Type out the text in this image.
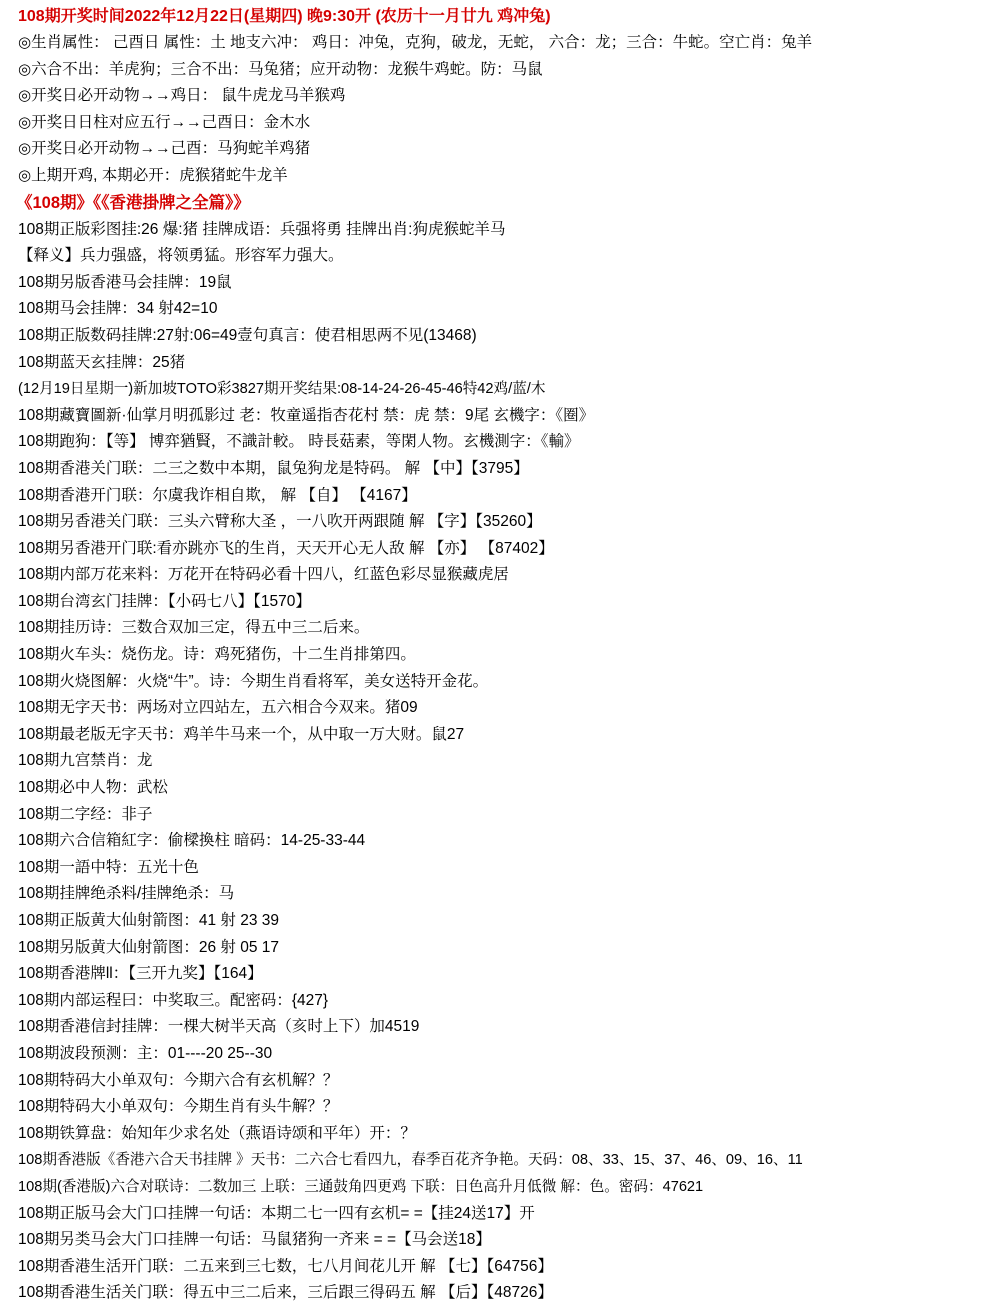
108期开奖时间2022年12月22日(星期四) 晚9:30开 (农历十一月廿九 鸡冲兔)
◎生肖属性： 己酉日 属性：土 地支六冲： 鸡日：冲兔，克狗，破龙，无蛇， 六合：龙；三合：牛蛇。空亡肖：兔羊
◎六合不出：羊虎狗；三合不出：马兔猪；应开动物：龙猴牛鸡蛇。防：马鼠
◎开奖日必开动物→→鸡日： 鼠牛虎龙马羊猴鸡
◎开奖日日柱对应五行→→己酉日：金木水
◎开奖日必开动物→→己酉：马狗蛇羊鸡猪
◎上期开鸡, 本期必开：虎猴猪蛇牛龙羊
《108期》《《香港掛牌之全篇》》
108期正版彩图挂:26 爆:猪 挂牌成语：兵强将勇 挂牌出肖:狗虎猴蛇羊马
【释义】兵力强盛，将领勇猛。形容军力强大。
108期另版香港马会挂牌：19鼠
108期马会挂牌：34 射42=10
108期正版数码挂牌:27射:06=49壹句真言：使君相思两不见(13468)
108期蓝天玄挂牌：25猪
(12月19日星期一)新加坡TOTO彩3827期开奖结果:08-14-24-26-45-46特42鸡/蓝/木
108期藏寶圖新·仙掌月明孤影过 老：牧童遥指杏花村 禁：虎 禁：9尾 玄機字：《圈》
108期跑狗：【等】 博弈猶賢，不識計較。 時長菇素，等閑人物。玄機測字：《輸》
108期香港关门联：二三之数中本期，鼠兔狗龙是特码。 解 【中】【3795】
108期香港开门联：尔虞我诈相自欺， 解 【自】 【4167】
108期另香港关门联：三头六臂称大圣 ，一八吹开两跟随 解 【字】【35260】
108期另香港开门联:看亦跳亦飞的生肖，天天开心无人敌 解 【亦】 【87402】
108期内部万花来料：万花开在特码必看十四八，红蓝色彩尽显猴藏虎居
108期台湾玄门挂牌：【小码七八】【1570】
108期挂历诗：三数合双加三定，得五中三二后来。
108期火车头：烧伤龙。诗：鸡死猪伤，十二生肖排第四。
108期火烧图解：火烧“牛”。诗：今期生肖看将军，美女送特开金花。
108期无字天书：两场对立四站左，五六相合今双来。猪09
108期最老版无字天书：鸡羊牛马来一个，从中取一万大财。鼠27
108期九宫禁肖：龙
108期必中人物：武松
108期二字经：非子
108期六合信箱紅字：偷樑換柱 暗码：14-25-33-44
108期一語中特：五光十色
108期挂牌绝杀料/挂牌绝杀：马
108期正版黄大仙射箭图：41 射 23 39
108期另版黄大仙射箭图：26 射 05 17
108期香港牌ll：【三开九奖】【164】
108期内部运程曰：中奖取三。配密码：{427}
108期香港信封挂牌：一棵大树半天高（亥时上下）加4519
108期波段预测：主：01----20 25--30
108期特码大小单双句：今期六合有玄机解？？
108期特码大小单双句：今期生肖有头牛解？？
108期铁算盘：始知年少求名处（燕语诗颂和平年）开：？
108期香港版《香港六合天书挂牌 》天书：二六合七看四九，春季百花齐争艳。天码：08、33、15、37、46、09、16、11
108期(香港版)六合对联诗：二数加三 上联：三通鼓角四更鸡 下联：日色高升月低微 解：色。密码：47621
108期正版马会大门口挂牌一句话：本期二七一四有玄机= =【挂24送17】开
108期另类马会大门口挂牌一句话：马鼠猪狗一齐来 = =【马会送18】
108期香港生活开门联：二五来到三七数，七八月间花儿开 解 【七】【64756】
108期香港生活关门联：得五中三二后来，三后跟三得码五 解 【后】【48726】
